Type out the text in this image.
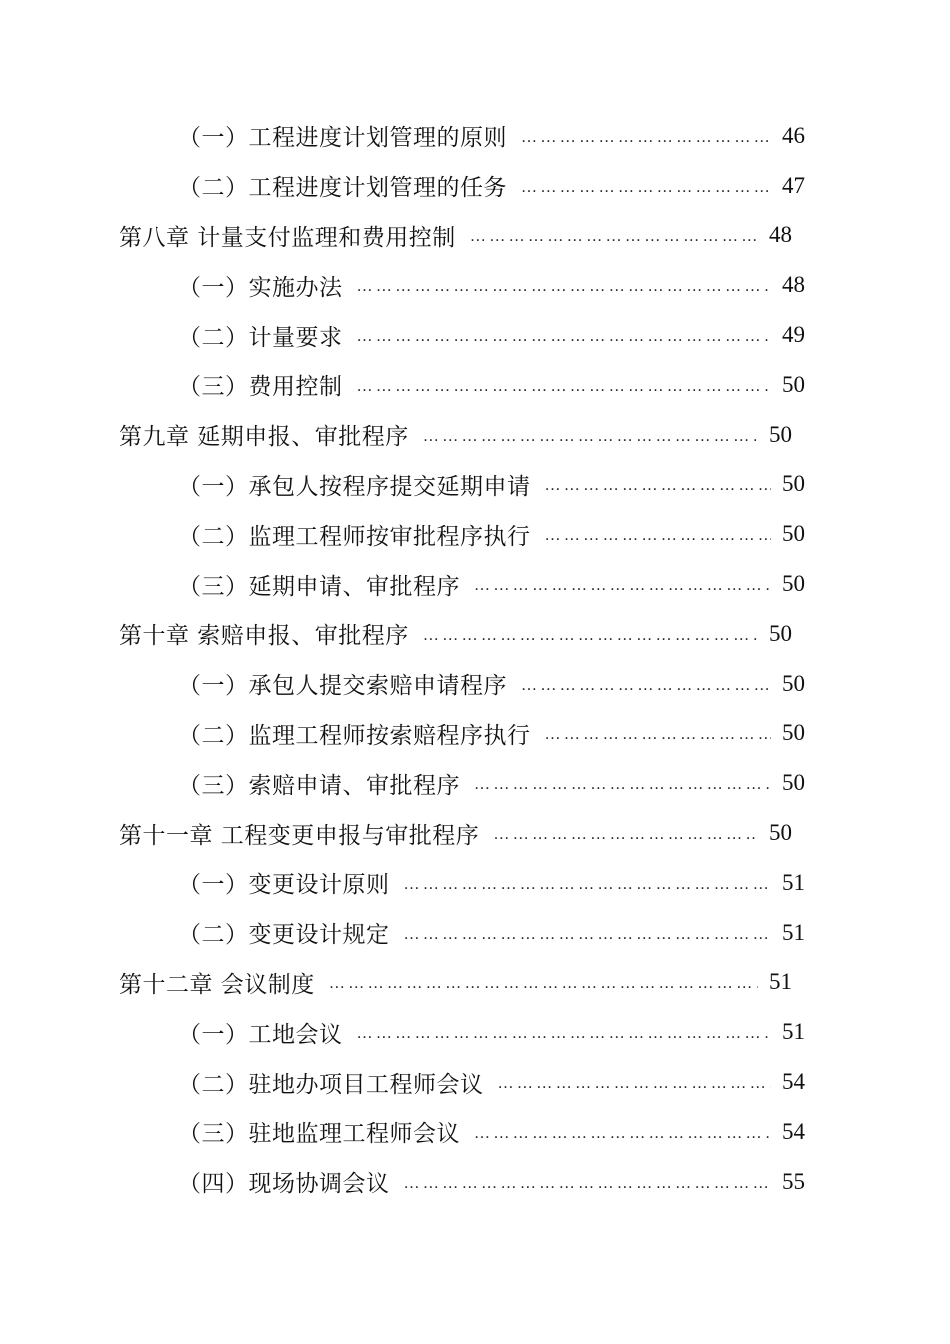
（一）工程进度计划管理的原则 ………………………………………………………………………………………………………………………………	46
（二）工程进度计划管理的任务 ………………………………………………………………………………………………………………………………	47
第八章 计量支付监理和费用控制 ………………………………………………………………………………………………………………………………	48
（一）实施办法 ………………………………………………………………………………………………………………………………	48
（二）计量要求 ………………………………………………………………………………………………………………………………	49
（三）费用控制 ………………………………………………………………………………………………………………………………	50
第九章 延期申报、审批程序 ………………………………………………………………………………………………………………………………	50
（一）承包人按程序提交延期申请 ………………………………………………………………………………………………………………………………	50
（二）监理工程师按审批程序执行 ………………………………………………………………………………………………………………………………	50
（三）延期申请、审批程序 ………………………………………………………………………………………………………………………………	50
第十章 索赔申报、审批程序 ………………………………………………………………………………………………………………………………	50
（一）承包人提交索赔申请程序 ………………………………………………………………………………………………………………………………	50
（二）监理工程师按索赔程序执行 ………………………………………………………………………………………………………………………………	50
（三）索赔申请、审批程序 ………………………………………………………………………………………………………………………………	50
第十一章 工程变更申报与审批程序 ………………………………………………………………………………………………………………………………	50
（一）变更设计原则 ………………………………………………………………………………………………………………………………	51
（二）变更设计规定 ………………………………………………………………………………………………………………………………	51
第十二章 会议制度 ………………………………………………………………………………………………………………………………	51
（一）工地会议 ………………………………………………………………………………………………………………………………	51
（二）驻地办项目工程师会议 ………………………………………………………………………………………………………………………………	54
（三）驻地监理工程师会议 ………………………………………………………………………………………………………………………………	54
（四）现场协调会议 ………………………………………………………………………………………………………………………………	55
